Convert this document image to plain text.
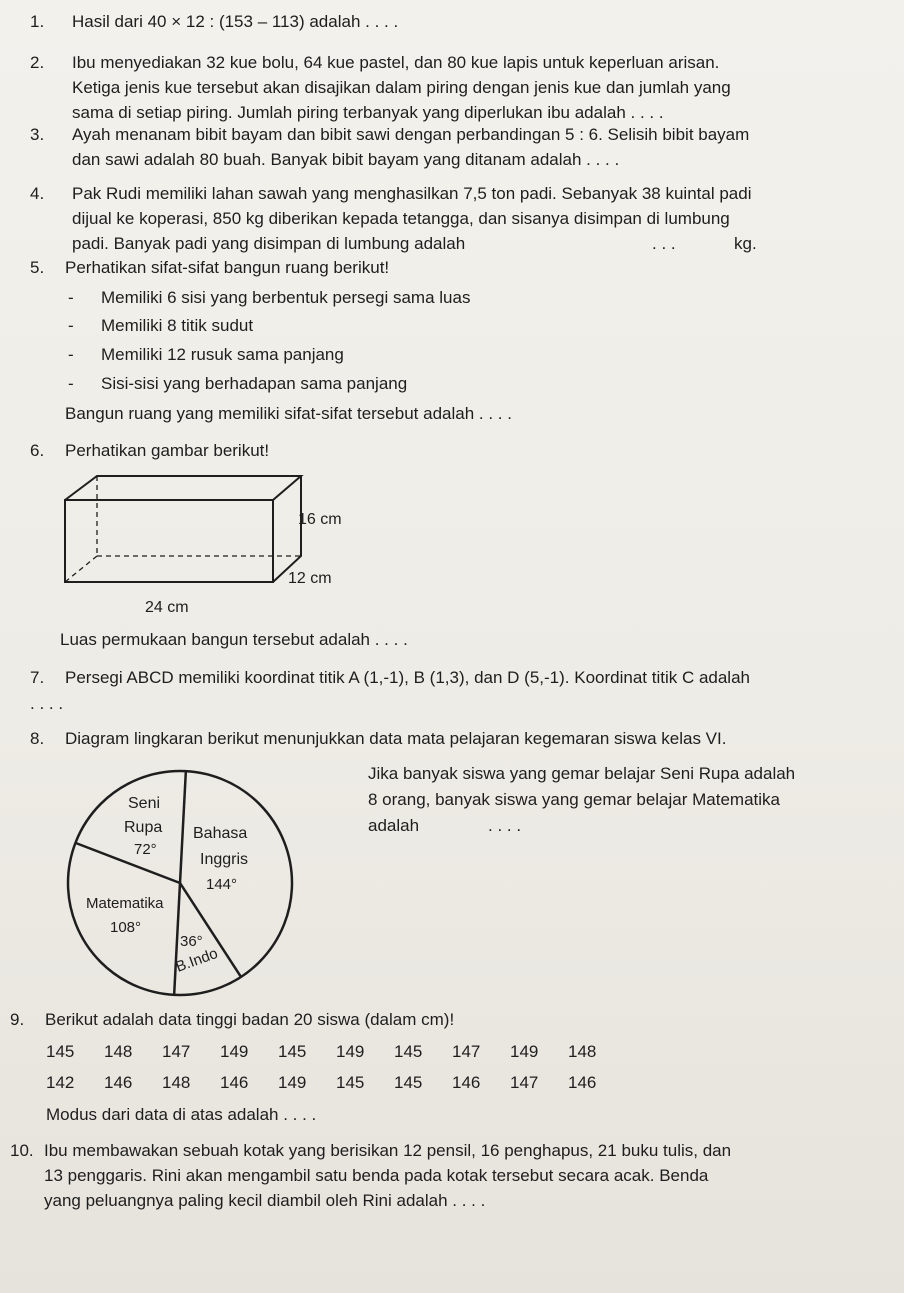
1. Hasil dari 40 × 12 : (153 – 113) adalah . . . .
2. Ibu menyediakan 32 kue bolu, 64 kue pastel, dan 80 kue lapis untuk keperluan arisan.
Ketiga jenis kue tersebut akan disajikan dalam piring dengan jenis kue dan jumlah yang
sama di setiap piring. Jumlah piring terbanyak yang diperlukan ibu adalah . . . .
3. Ayah menanam bibit bayam dan bibit sawi dengan perbandingan 5 : 6. Selisih bibit bayam
dan sawi adalah 80 buah. Banyak bibit bayam yang ditanam adalah . . . .
4. Pak Rudi memiliki lahan sawah yang menghasilkan 7,5 ton padi. Sebanyak 38 kuintal padi
dijual ke koperasi, 850 kg diberikan kepada tetangga, dan sisanya disimpan di lumbung
padi. Banyak padi yang disimpan di lumbung adalah	. . .	kg.
5. Perhatikan sifat-sifat bangun ruang berikut!
- Memiliki 6 sisi yang berbentuk persegi sama luas
- Memiliki 8 titik sudut
- Memiliki 12 rusuk sama panjang
- Sisi-sisi yang berhadapan sama panjang
Bangun ruang yang memiliki sifat-sifat tersebut adalah . . . .
6. Perhatikan gambar berikut!
16 cm
12 cm
24 cm
Luas permukaan bangun tersebut adalah . . . .
7. Persegi ABCD memiliki koordinat titik A (1,-1), B (1,3), dan D (5,-1). Koordinat titik C adalah
. . . .
8. Diagram lingkaran berikut menunjukkan data mata pelajaran kegemaran siswa kelas VI.
Seni
Rupa
72°
Bahasa
Inggris
144°
Matematika
108°
36°
B.Indo
Jika banyak siswa yang gemar belajar Seni Rupa adalah
8 orang, banyak siswa yang gemar belajar Matematika
adalah	. . . .
9. Berikut adalah data tinggi badan 20 siswa (dalam cm)!
145 148 147 149 145 149 145 147 149 148
142 146 148 146 149 145 145 146 147 146
Modus dari data di atas adalah . . . .
10. Ibu membawakan sebuah kotak yang berisikan 12 pensil, 16 penghapus, 21 buku tulis, dan
13 penggaris. Rini akan mengambil satu benda pada kotak tersebut secara acak. Benda
yang peluangnya paling kecil diambil oleh Rini adalah . . . .
